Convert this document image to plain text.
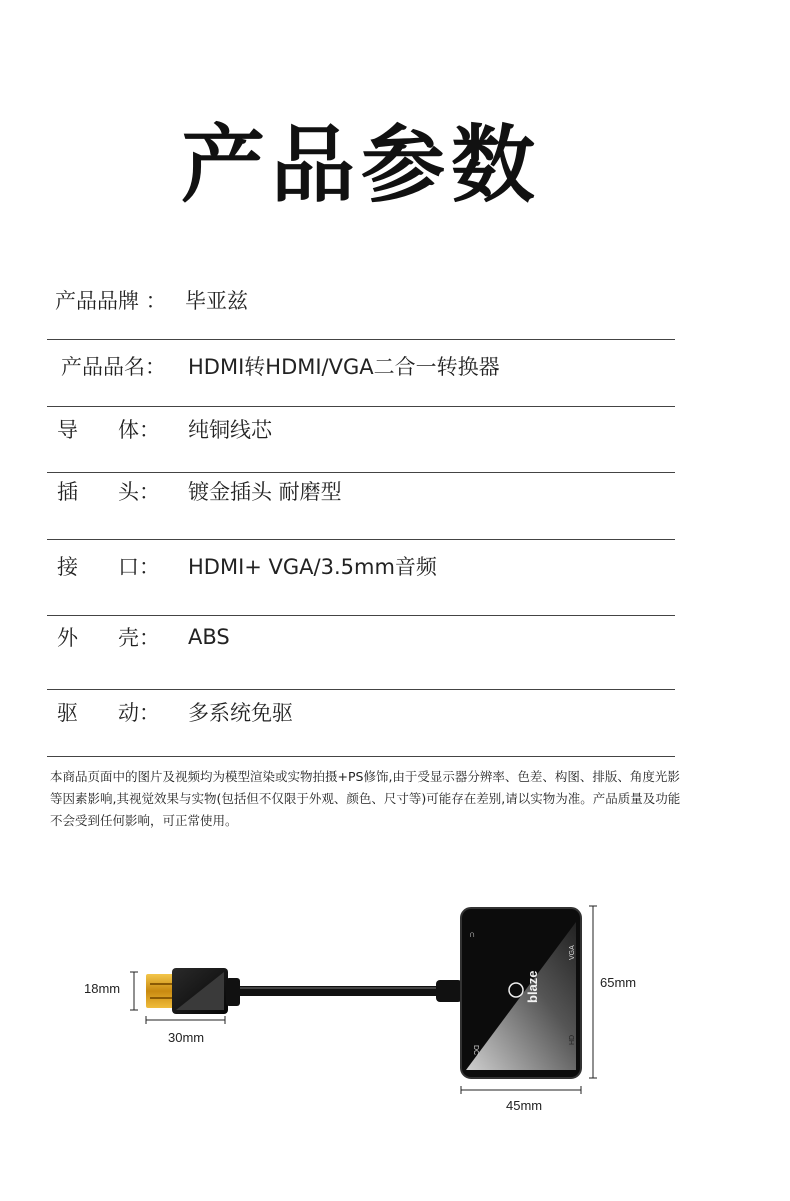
产品参数
产品品牌 ： 毕亚兹
产品品名： HDMI转HDMI/VGA二合一转换器
导      体： 纯铜线芯
插      头： 镀金插头 耐磨型
接      口： HDMI+ VGA/3.5mm音频
外      壳： ABS
驱      动： 多系统免驱
本商品页面中的图片及视频均为模型渲染或实物拍摄+PS修饰,由于受显示器分辨率、色差、构图、排版、角度光影等因素影响,其视觉效果与实物(包括但不仅限于外观、颜色、尺寸等)可能存在差别,请以实物为准。产品质量及功能不会受到任何影响，可正常使用。
blaze
VGA
HD
DC
∩
18mm
30mm
65mm
45mm
